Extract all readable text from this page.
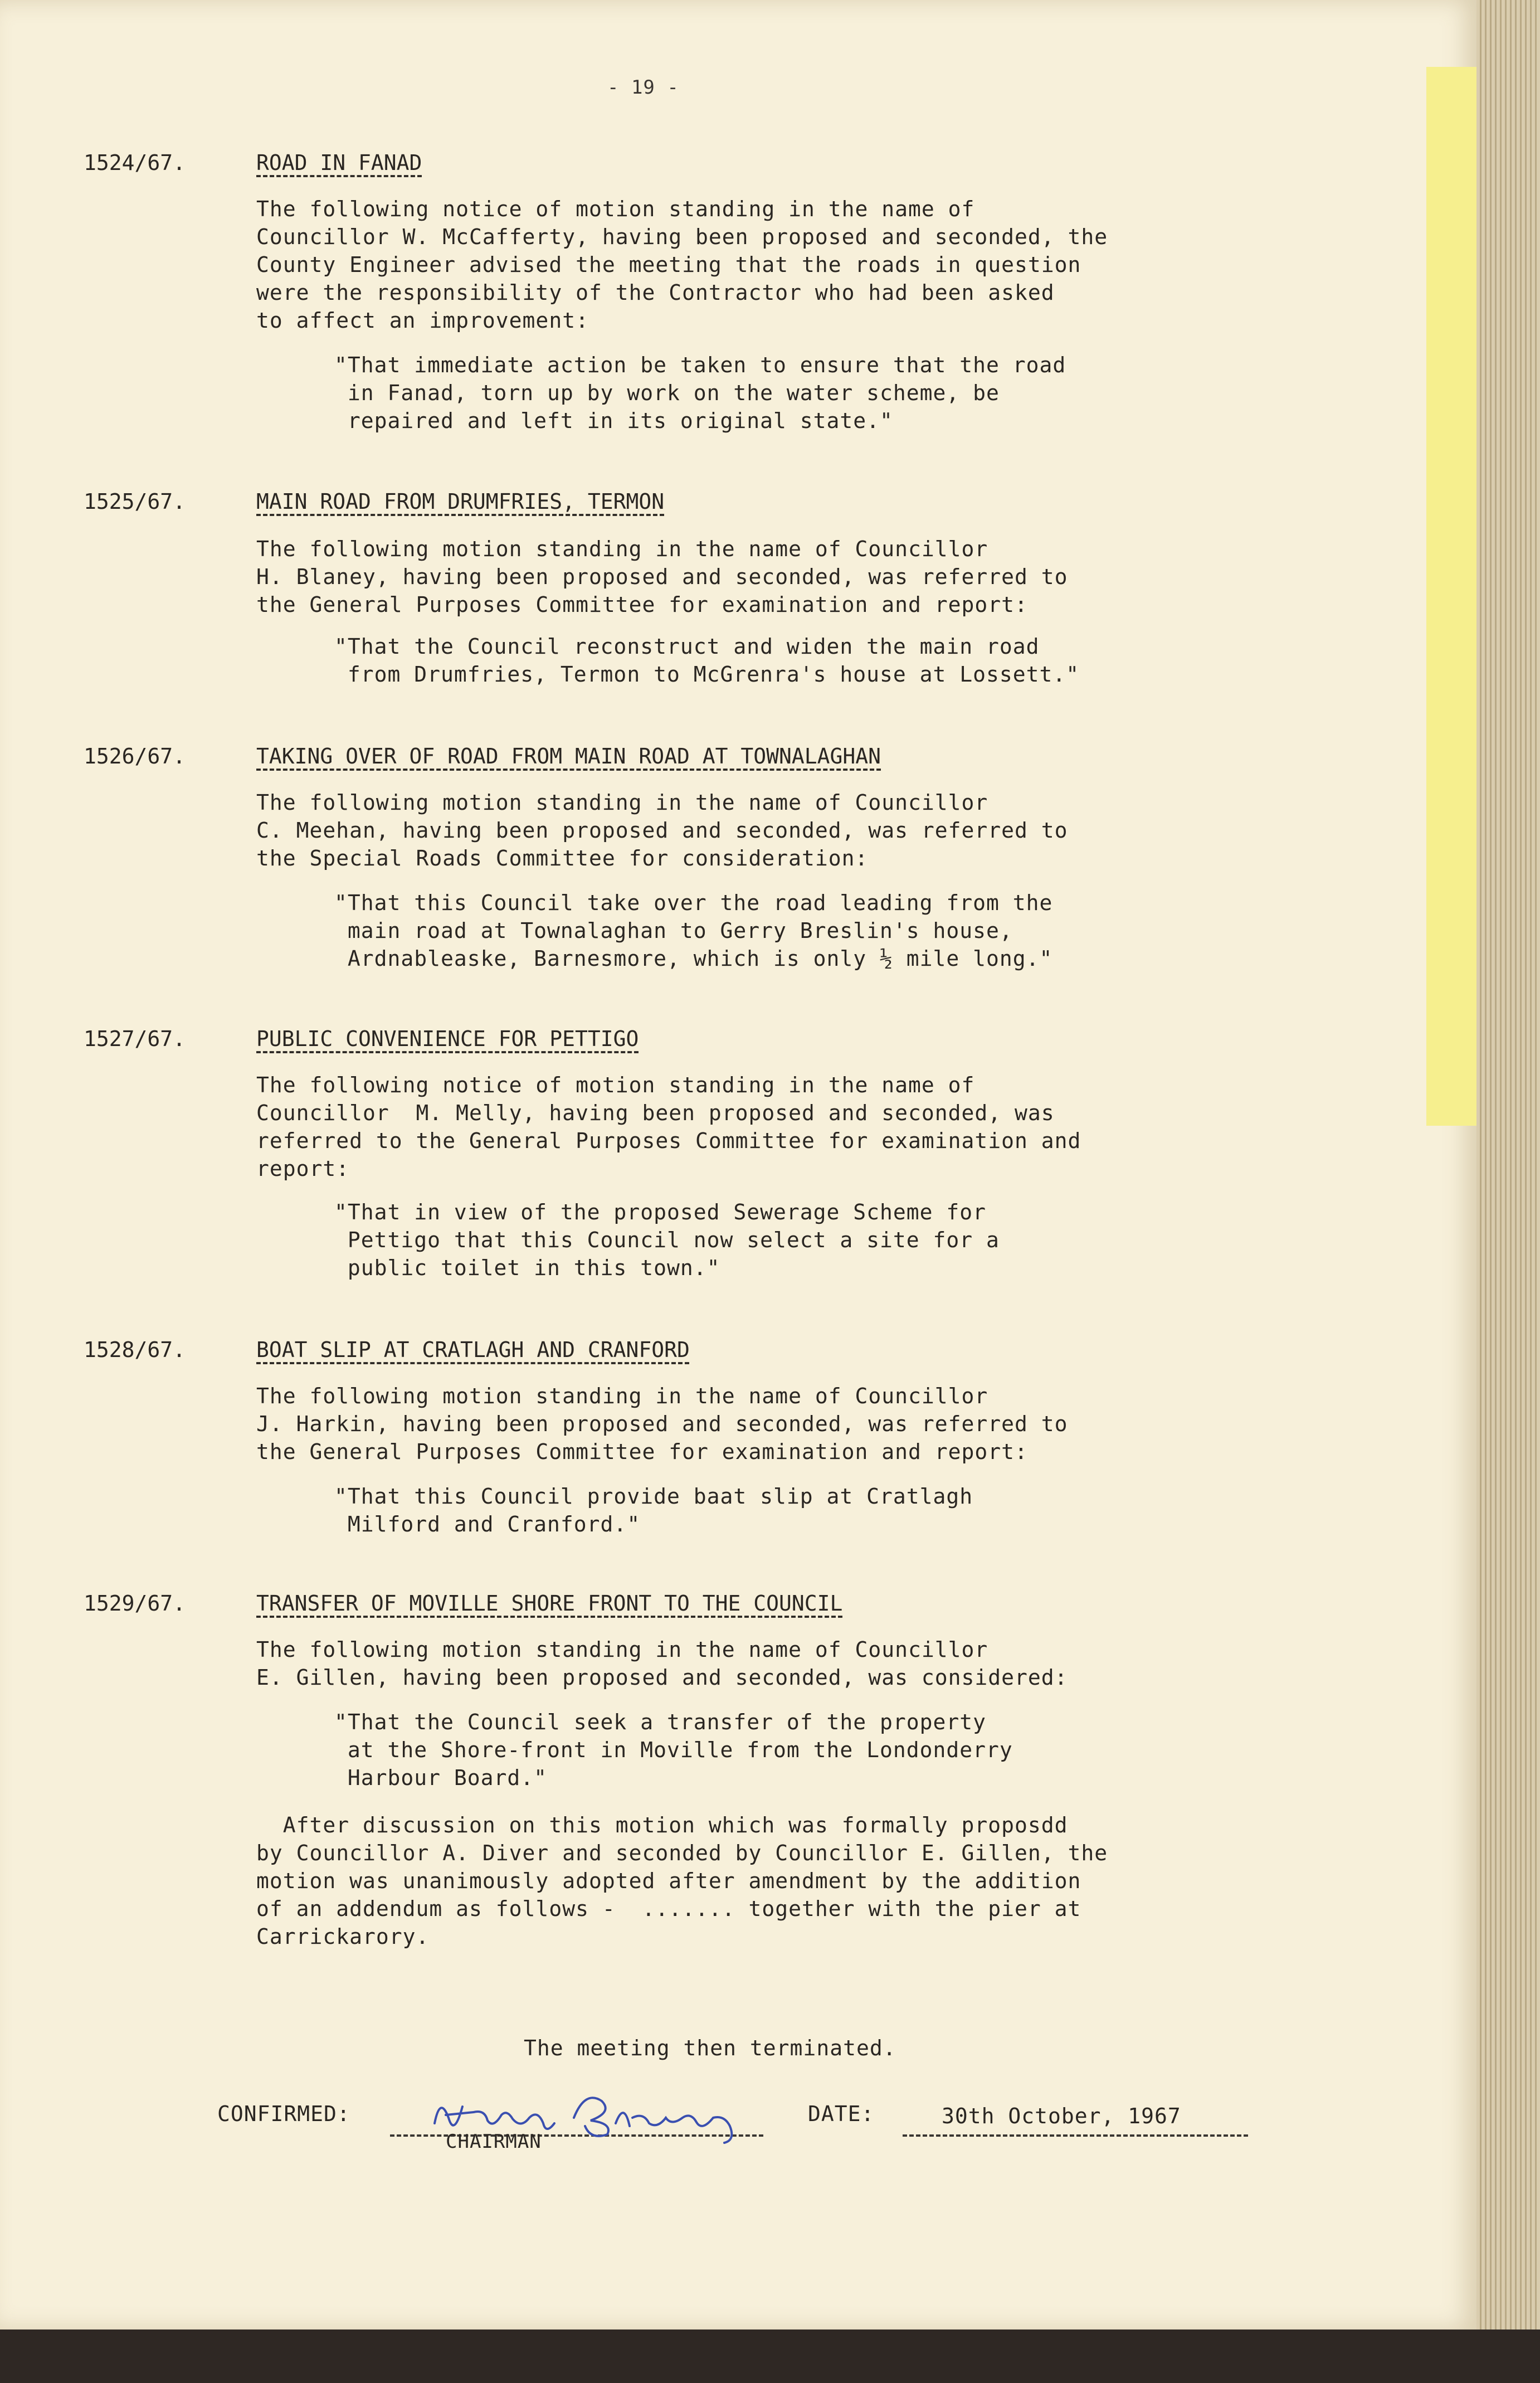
- 19 -
1524/67.	ROAD IN FANAD
The following notice of motion standing in the name of
Councillor W. McCafferty, having been proposed and seconded, the
County Engineer advised the meeting that the roads in question
were the responsibility of the Contractor who had been asked
to affect an improvement:
"That immediate action be taken to ensure that the road
in Fanad, torn up by work on the water scheme, be
repaired and left in its original state."
1525/67.	MAIN ROAD FROM DRUMFRIES, TERMON
The following motion standing in the name of Councillor
H. Blaney, having been proposed and seconded, was referred to
the General Purposes Committee for examination and report:
"That the Council reconstruct and widen the main road
from Drumfries, Termon to McGrenra's house at Lossett."
1526/67.	TAKING OVER OF ROAD FROM MAIN ROAD AT TOWNALAGHAN
The following motion standing in the name of Councillor
C. Meehan, having been proposed and seconded, was referred to
the Special Roads Committee for consideration:
"That this Council take over the road leading from the
main road at Townalaghan to Gerry Breslin's house,
Ardnableaske, Barnesmore, which is only ½ mile long."
1527/67.	PUBLIC CONVENIENCE FOR PETTIGO
The following notice of motion standing in the name of
Councillor  M. Melly, having been proposed and seconded, was
referred to the General Purposes Committee for examination and
report:
"That in view of the proposed Sewerage Scheme for
Pettigo that this Council now select a site for a
public toilet in this town."
1528/67.	BOAT SLIP AT CRATLAGH AND CRANFORD
The following motion standing in the name of Councillor
J. Harkin, having been proposed and seconded, was referred to
the General Purposes Committee for examination and report:
"That this Council provide baat slip at Cratlagh
Milford and Cranford."
1529/67.	TRANSFER OF MOVILLE SHORE FRONT TO THE COUNCIL
The following motion standing in the name of Councillor
E. Gillen, having been proposed and seconded, was considered:
"That the Council seek a transfer of the property
at the Shore-front in Moville from the Londonderry
Harbour Board."
After discussion on this motion which was formally proposdd
by Councillor A. Diver and seconded by Councillor E. Gillen, the
motion was unanimously adopted after amendment by the addition
of an addendum as follows -  ....... together with the pier at
Carrickarory.
The meeting then terminated.
CONFIRMED:
CHAIRMAN
DATE:	30th October, 1967
